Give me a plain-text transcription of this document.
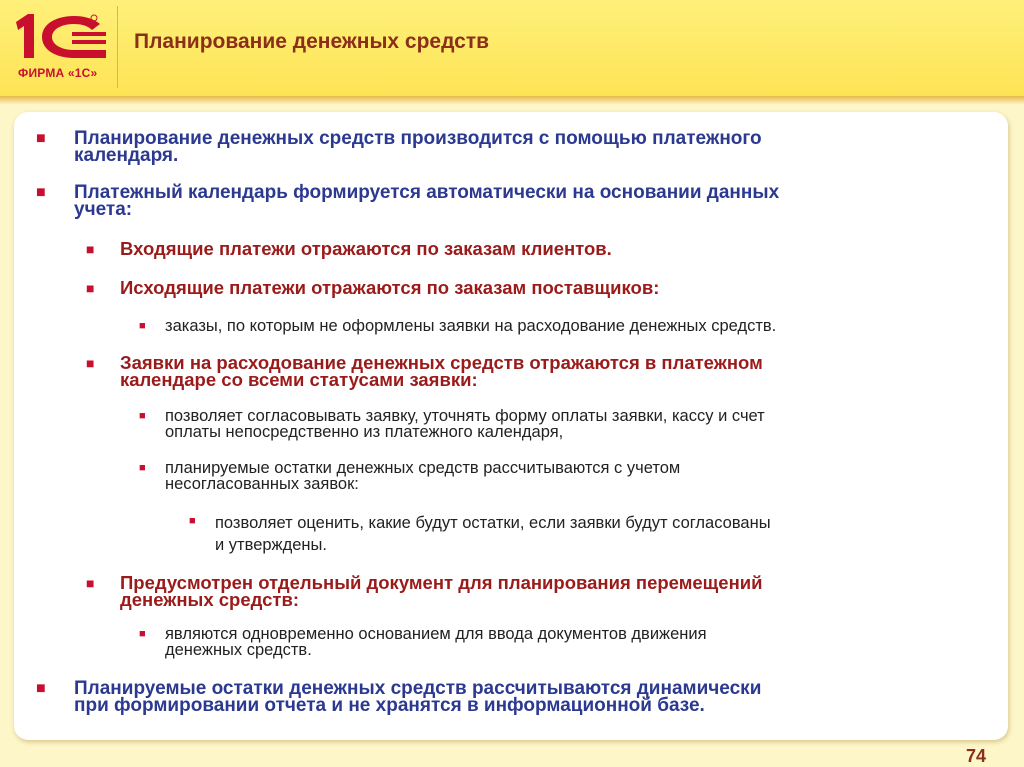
ФИРМА «1С»
Планирование денежных средств
■ Планирование денежных средств производится с помощью платежного
календаря.
■ Платежный календарь формируется автоматически на основании данных
учета:
■ Входящие платежи отражаются по заказам клиентов.
■ Исходящие платежи отражаются по заказам поставщиков:
■ заказы, по которым не оформлены заявки на расходование денежных средств.
■ Заявки на расходование денежных средств отражаются в платежном
календаре со всеми статусами заявки:
■ позволяет согласовывать заявку, уточнять форму оплаты заявки, кассу и счет
оплаты непосредственно из платежного календаря,
■ планируемые остатки денежных средств рассчитываются с учетом
несогласованных заявок:
■ позволяет оценить, какие будут остатки, если заявки будут согласованы
и утверждены.
■ Предусмотрен отдельный документ для планирования перемещений
денежных средств:
■ являются одновременно основанием для ввода документов движения
денежных средств.
■ Планируемые остатки денежных средств рассчитываются динамически
при формировании отчета и не хранятся в информационной базе.
74
